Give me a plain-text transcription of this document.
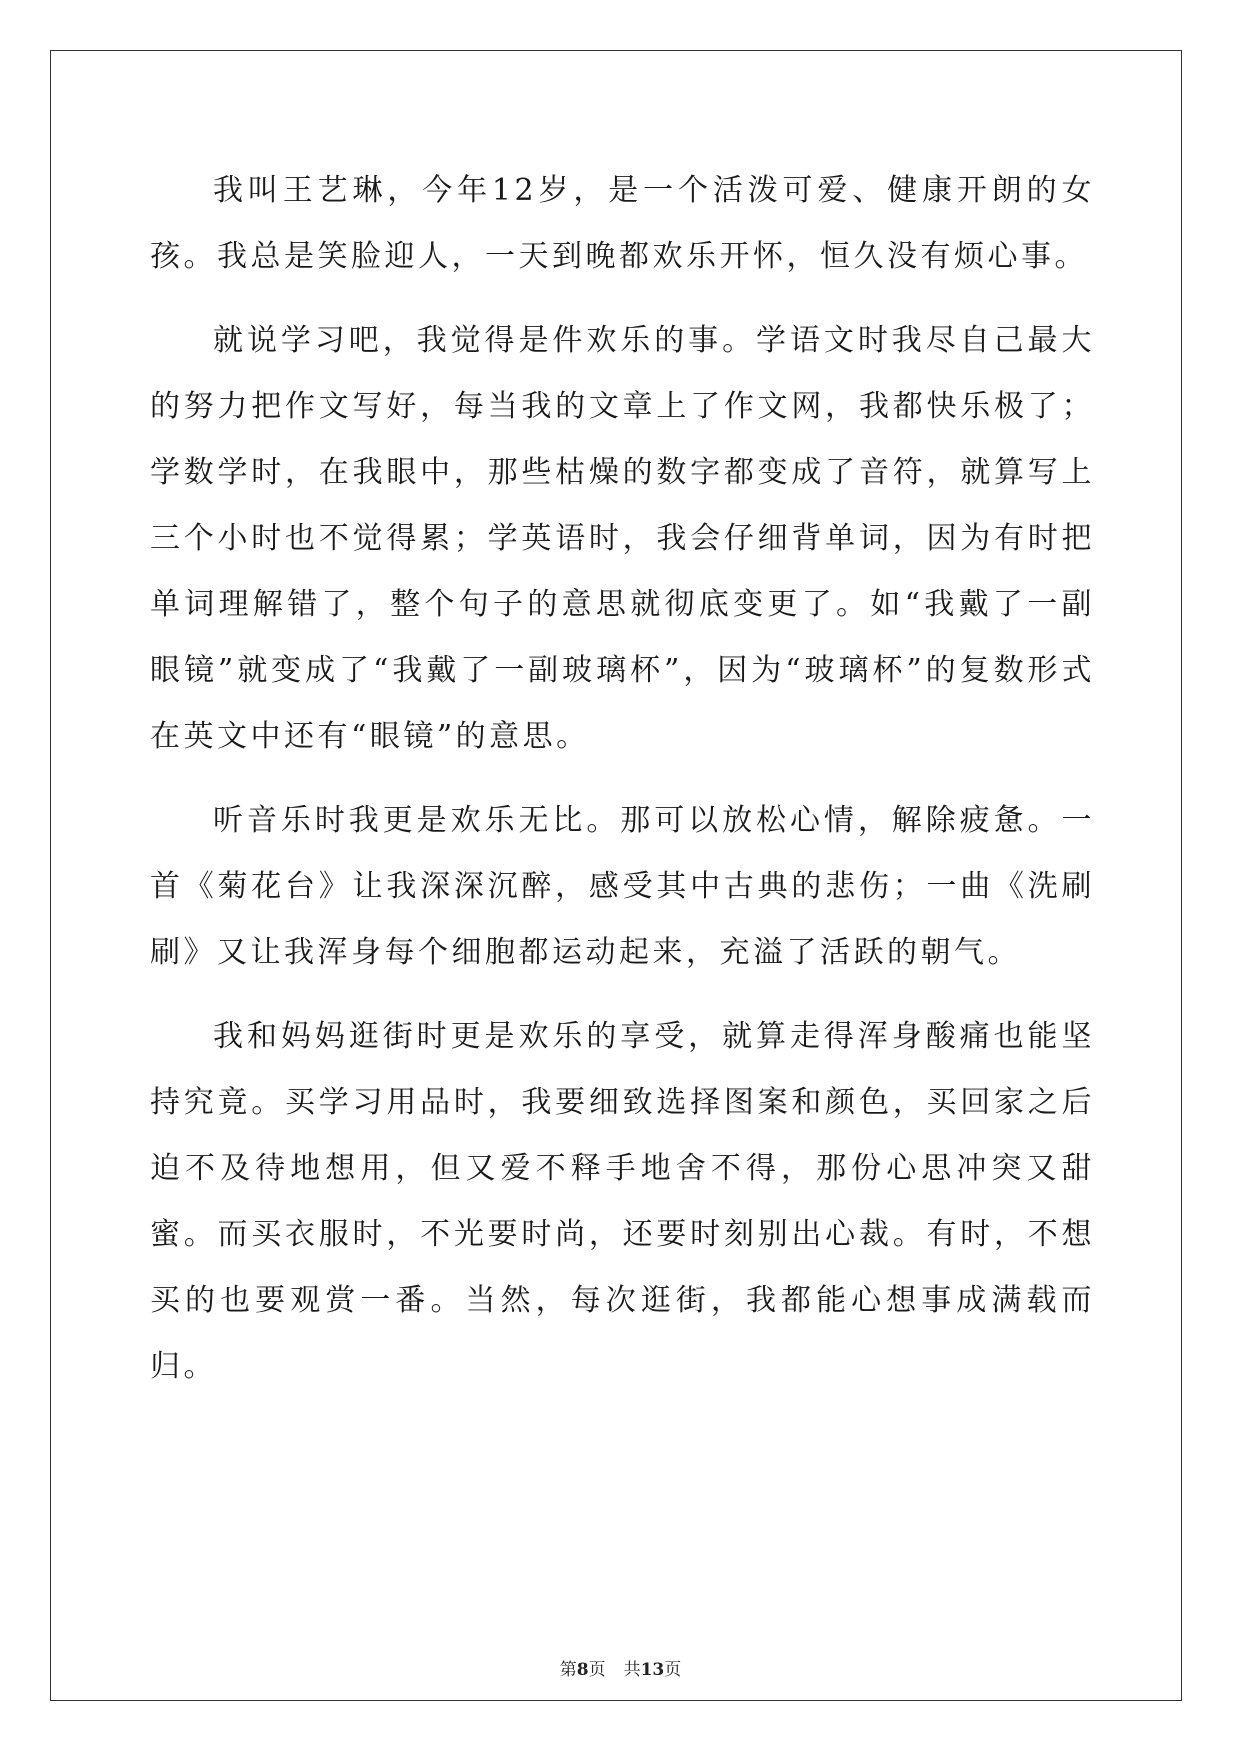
我叫王艺琳，今年12岁，是一个活泼可爱、健康开朗的女孩。我总是笑脸迎人，一天到晚都欢乐开怀，恒久没有烦心事。

就说学习吧，我觉得是件欢乐的事。学语文时我尽自己最大的努力把作文写好，每当我的文章上了作文网，我都快乐极了；学数学时，在我眼中，那些枯燥的数字都变成了音符，就算写上三个小时也不觉得累；学英语时，我会仔细背单词，因为有时把单词理解错了，整个句子的意思就彻底变更了。如“我戴了一副眼镜”就变成了“我戴了一副玻璃杯”，因为“玻璃杯”的复数形式在英文中还有“眼镜”的意思。

听音乐时我更是欢乐无比。那可以放松心情，解除疲惫。一首《菊花台》让我深深沉醉，感受其中古典的悲伤；一曲《洗刷刷》又让我浑身每个细胞都运动起来，充溢了活跃的朝气。

我和妈妈逛街时更是欢乐的享受，就算走得浑身酸痛也能坚持究竟。买学习用品时，我要细致选择图案和颜色，买回家之后迫不及待地想用，但又爱不释手地舍不得，那份心思冲突又甜蜜。而买衣服时，不光要时尚，还要时刻别出心裁。有时，不想买的也要观赏一番。当然，每次逛街，我都能心想事成满载而归。

第8页 共13页
